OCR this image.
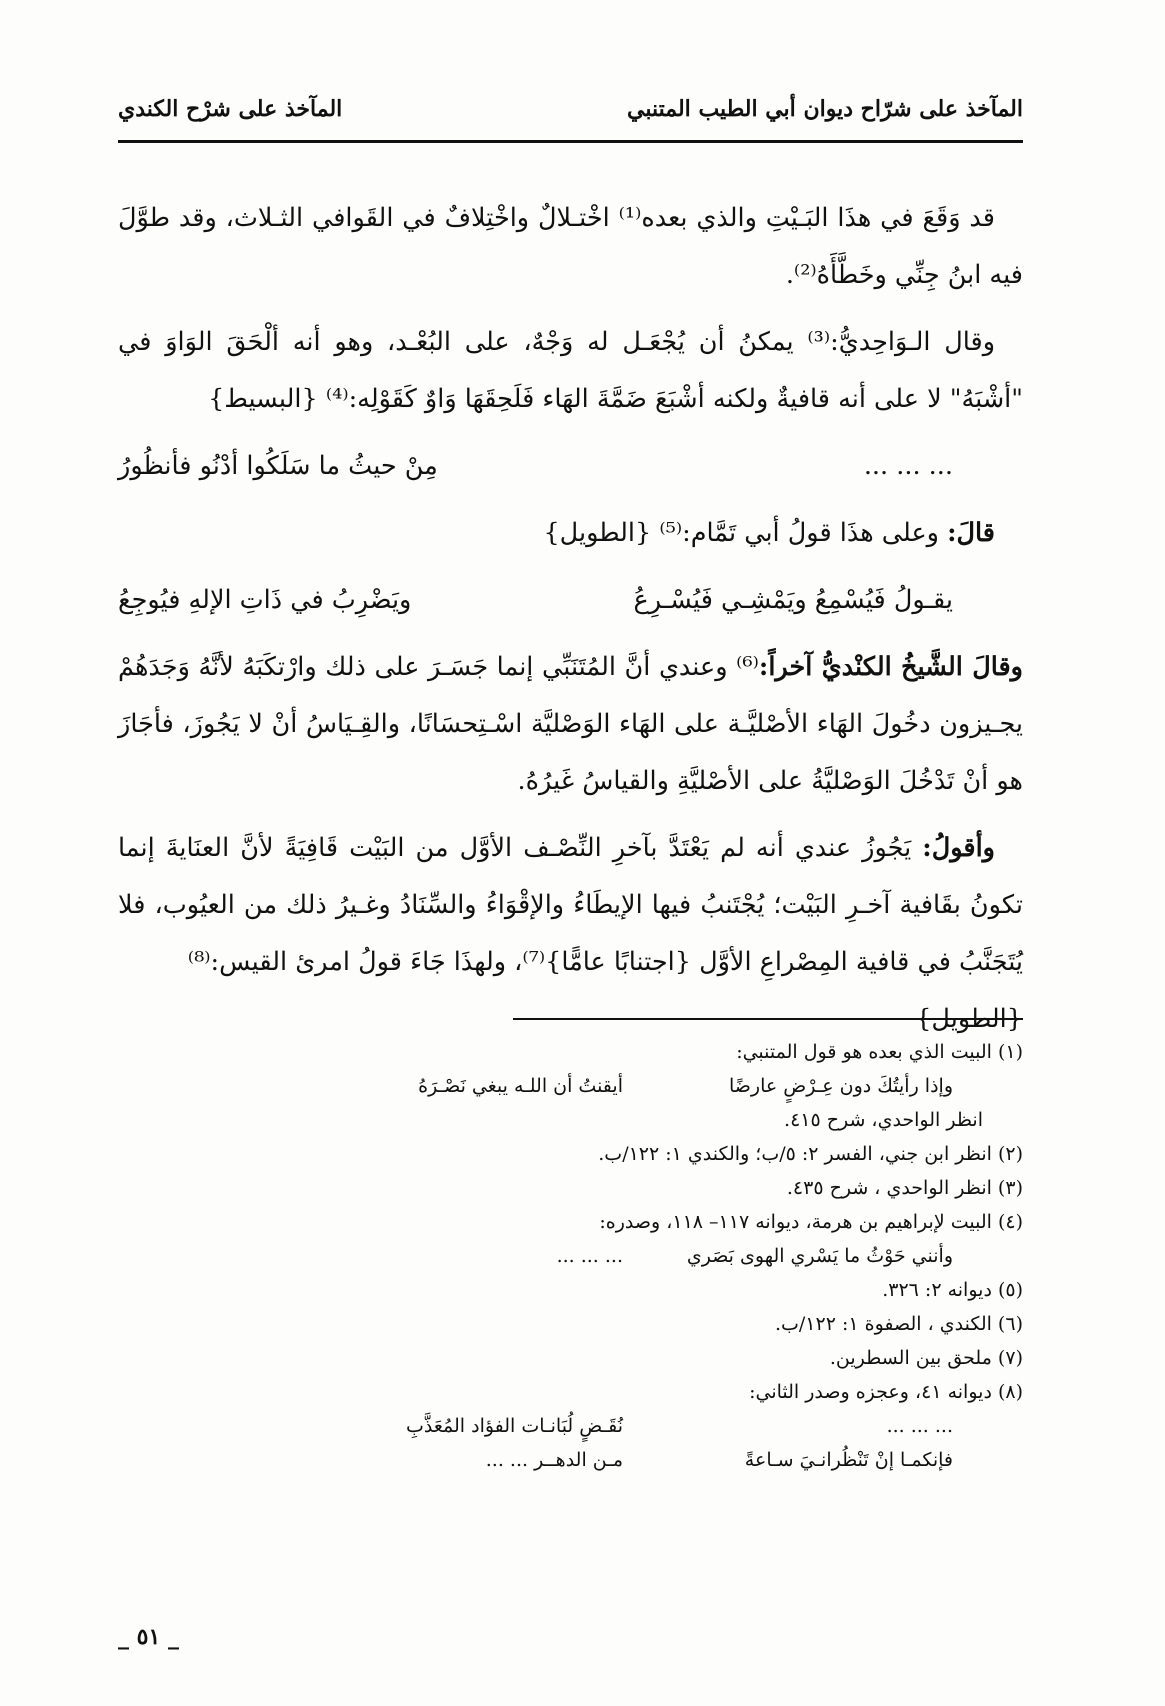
المآخذ على شرّاح ديوان أبي الطيب المتنبي
المآخذ على شرْح الكندي

قد وَقَعَ في هذَا البَـيْتِ والذي بعده⁽¹⁾ اخْتـلالٌ واخْتِلافٌ في القَوافي الثـلاث، وقد طوَّلَ فيه ابنُ جِنِّي وخَطَّأَهُ⁽²⁾.

وقال الـوَاحِديُّ:⁽³⁾ يمكنُ أن يُجْعَـل له وَجْهٌ، على البُعْـد، وهو أنه ألْحَقَ الوَاوَ في "أشْبَهُ" لا على أنه قافيةٌ ولكنه أشْبَعَ ضَمَّةَ الهَاء فَلَحِقَهَا وَاوٌ كَقَوْلِه:⁽⁴⁾ {البسيط}

... ... ...
مِنْ حيثُ ما سَلَكُوا أدْنُو فأنظُورُ

قالَ: وعلى هذَا قولُ أبي تَمَّام:⁽⁵⁾ {الطويل}

يقـولُ فَيُسْمِعُ ويَمْشِـي فَيُسْـرِعُ
ويَضْرِبُ في ذَاتِ الإلهِ فيُوجِعُ

وقالَ الشَّيخُ الكنْديُّ آخراً:⁽⁶⁾ وعندي أنَّ المُتَنَبِّي إنما جَسَـرَ على ذلك وارْتكَبَهُ لأنَّهُ وَجَدَهُمْ يجـيزون دخُولَ الهَاء الأصْليَّـة على الهَاء الوَصْليَّة اسْـتِحسَانًا، والقِـيَاسُ أنْ لا يَجُوزَ، فأجَازَ هو أنْ تَدْخُلَ الوَصْليَّةُ على الأصْليَّةِ والقياسُ غَيرُهُ.

وأقولُ: يَجُوزُ عندي أنه لم يَعْتَدَّ بآخرِ النِّصْـف الأوَّل من البَيْت قَافِيَةً لأنَّ العنَايةَ إنما تكونُ بقَافية آخـرِ البَيْت؛ يُجْتَنبُ فيها الإيطَاءُ والإقْوَاءُ والسِّنَادُ وغـيرُ ذلك من العيُوب، فلا يُتَجَنَّبُ في قافية المِصْراعِ الأوَّل {اجتنابًا عامًّا}⁽⁷⁾، ولهذَا جَاءَ قولُ امرئ القيس:⁽⁸⁾
{الطويل}

(١) البيت الذي بعده هو قول المتنبي:

وإذا رأيتُكَ دون عِـرْضٍ عارضًا
أيقنتُ أن اللـه يبغي نَصْـرَهُ

انظر الواحدي، شرح ٤١٥.

(٢) انظر ابن جني، الفسر ٢: ٥/ب؛ والكندي ١: ١٢٢/ب.

(٣) انظر الواحدي ، شرح ٤٣٥.

(٤) البيت لإبراهيم بن هرمة، ديوانه ١١٧– ١١٨، وصدره:

وأنني حَوْثُ ما يَسْري الهوى بَصَري
... ... ...

(٥) ديوانه ٢: ٣٢٦.

(٦) الكندي ، الصفوة ١: ١٢٢/ب.

(٧) ملحق بين السطرين.

(٨) ديوانه ٤١، وعجزه وصدر الثاني:

... ... ...
نُقَـضٍ لُبَانـات الفؤاد المُعَذَّبِ
فإنكمـا إنْ تَنْظُرانـيَ سـاعةً
مـن الدهــر ... ...
_ ٥١ _
